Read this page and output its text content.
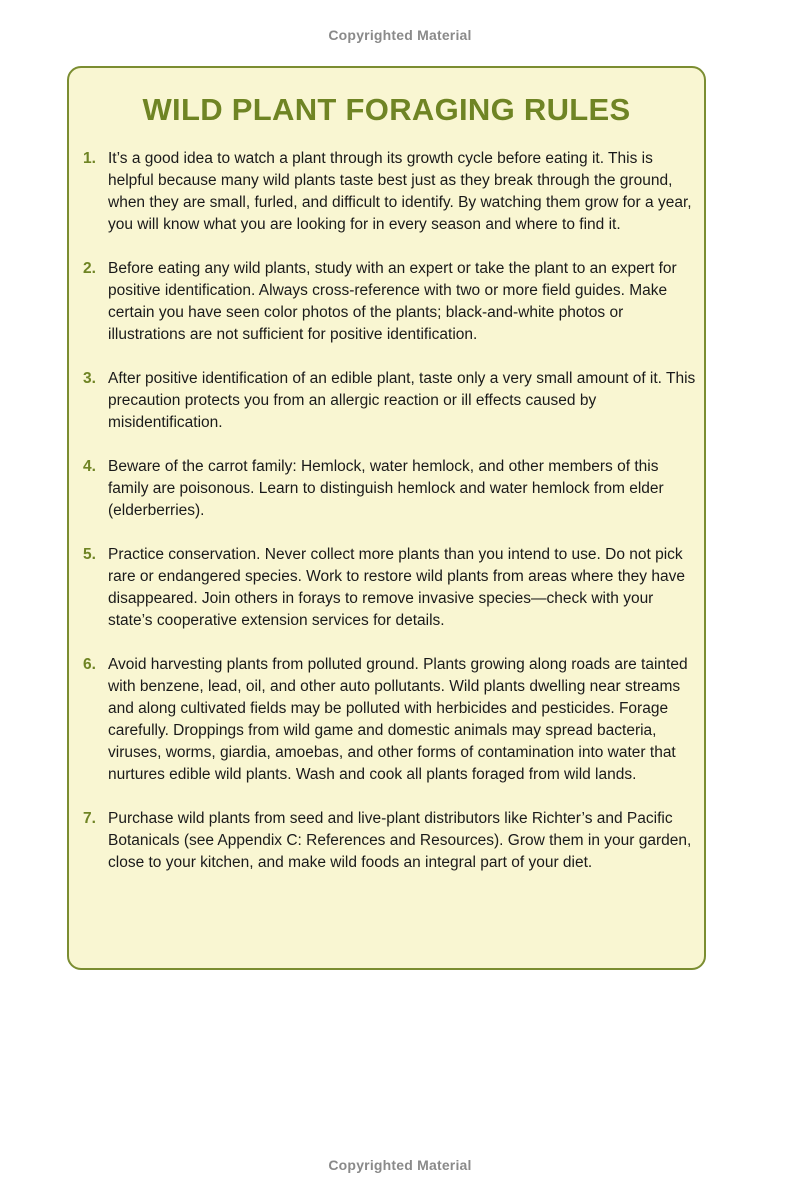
Copyrighted Material
WILD PLANT FORAGING RULES
1. It’s a good idea to watch a plant through its growth cycle before eating it. This is helpful because many wild plants taste best just as they break through the ground, when they are small, furled, and difficult to identify. By watching them grow for a year, you will know what you are looking for in every season and where to find it.
2. Before eating any wild plants, study with an expert or take the plant to an expert for positive identification. Always cross-reference with two or more field guides. Make certain you have seen color photos of the plants; black-and-white photos or illustrations are not sufficient for positive identification.
3. After positive identification of an edible plant, taste only a very small amount of it. This precaution protects you from an allergic reaction or ill effects caused by misidentification.
4. Beware of the carrot family: Hemlock, water hemlock, and other members of this family are poisonous. Learn to distinguish hemlock and water hemlock from elder (elderberries).
5. Practice conservation. Never collect more plants than you intend to use. Do not pick rare or endangered species. Work to restore wild plants from areas where they have disappeared. Join others in forays to remove invasive species—check with your state’s cooperative extension services for details.
6. Avoid harvesting plants from polluted ground. Plants growing along roads are tainted with benzene, lead, oil, and other auto pollutants. Wild plants dwelling near streams and along cultivated fields may be polluted with herbicides and pesticides. Forage carefully. Droppings from wild game and domestic animals may spread bacteria, viruses, worms, giardia, amoebas, and other forms of contamination into water that nurtures edible wild plants. Wash and cook all plants foraged from wild lands.
7. Purchase wild plants from seed and live-plant distributors like Richter’s and Pacific Botanicals (see Appendix C: References and Resources). Grow them in your garden, close to your kitchen, and make wild foods an integral part of your diet.
Copyrighted Material
